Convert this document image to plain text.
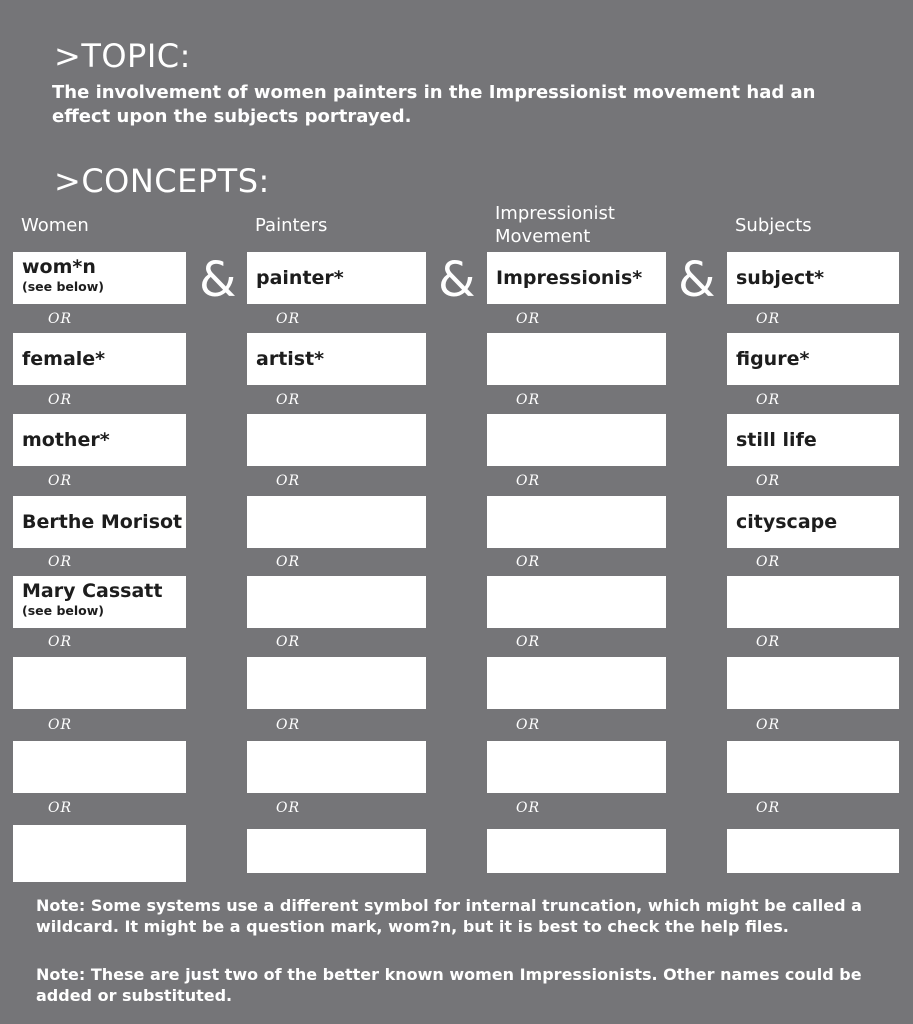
>TOPIC:
The involvement of women painters in the Impressionist movement had an effect upon the subjects portrayed.
>CONCEPTS:
Women
wom*n
(see below)
female*
mother*
Berthe Morisot
Mary Cassatt
(see below)
OR
OR
OR
OR
OR
OR
OR
Painters
painter*
artist*
OR
OR
OR
OR
OR
OR
OR
Impressionist Movement
Impressionis*
OR
OR
OR
OR
OR
OR
OR
Subjects
subject*
figure*
still life
cityscape
OR
OR
OR
OR
OR
OR
OR
&	&	&
Note: Some systems use a different symbol for internal truncation, which might be called a wildcard. It might be a question mark, wom?n, but it is best to check the help files.
Note: These are just two of the better known women Impressionists. Other names could be added or substituted.
